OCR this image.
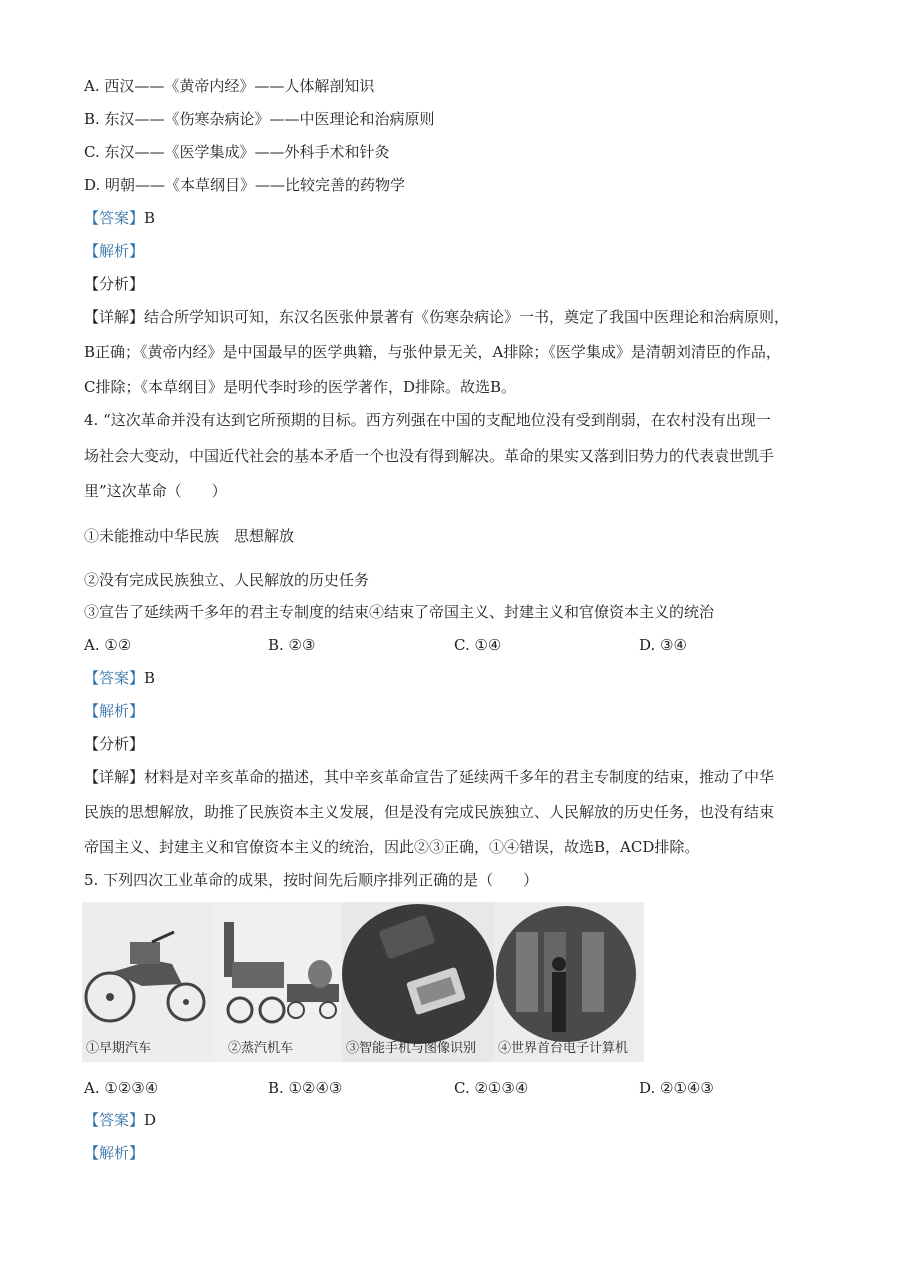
A. 西汉——《黄帝内经》——人体解剖知识
B. 东汉——《伤寒杂病论》——中医理论和治病原则
C. 东汉——《医学集成》——外科手术和针灸
D. 明朝——《本草纲目》——比较完善的药物学
【答案】B
【解析】
【分析】
【详解】结合所学知识可知，东汉名医张仲景著有《伤寒杂病论》一书，奠定了我国中医理论和治病原则，
B正确；《黄帝内经》是中国最早的医学典籍，与张仲景无关，A排除；《医学集成》是清朝刘清臣的作品，
C排除；《本草纲目》是明代李时珍的医学著作，D排除。故选B。
4. “这次革命并没有达到它所预期的目标。西方列强在中国的支配地位没有受到削弱，在农村没有出现一
场社会大变动，中国近代社会的基本矛盾一个也没有得到解决。革命的果实又落到旧势力的代表袁世凯手
里”这次革命（　　）
①未能推动中华民族　思想解放
②没有完成民族独立、人民解放的历史任务
③宣告了延续两千多年的君主专制度的结束④结束了帝国主义、封建主义和官僚资本主义的统治
A. ①②	B. ②③	C. ①④	D. ③④
【答案】B
【解析】
【分析】
【详解】材料是对辛亥革命的描述，其中辛亥革命宣告了延续两千多年的君主专制度的结束，推动了中华
民族的思想解放，助推了民族资本主义发展，但是没有完成民族独立、人民解放的历史任务，也没有结束
帝国主义、封建主义和官僚资本主义的统治，因此②③正确，①④错误，故选B，ACD排除。
5. 下列四次工业革命的成果，按时间先后顺序排列正确的是（　　）
①早期汽车	②蒸汽机车	③智能手机与图像识别 ④世界首台电子计算机
A. ①②③④	B. ①②④③	C. ②①③④	D. ②①④③
【答案】D
【解析】
